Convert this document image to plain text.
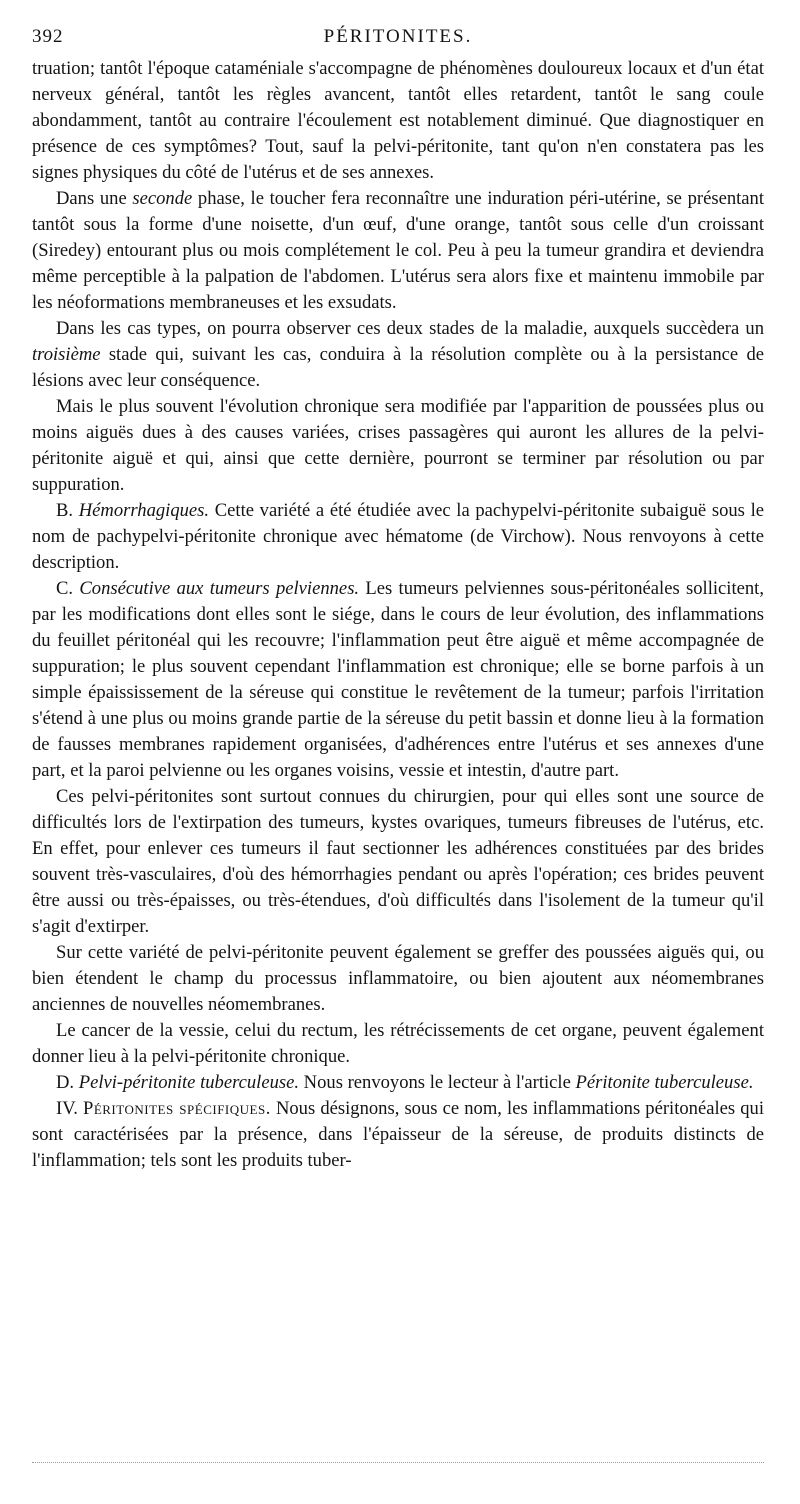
392	PÉRITONITES.

truation; tantôt l'époque cataméniale s'accompagne de phénomènes douloureux locaux et d'un état nerveux général, tantôt les règles avancent, tantôt elles retardent, tantôt le sang coule abondamment, tantôt au contraire l'écoulement est notablement diminué. Que diagnostiquer en présence de ces symptômes? Tout, sauf la pelvi-péritonite, tant qu'on n'en constatera pas les signes physiques du côté de l'utérus et de ses annexes.

Dans une seconde phase, le toucher fera reconnaître une induration péri-utérine, se présentant tantôt sous la forme d'une noisette, d'un œuf, d'une orange, tantôt sous celle d'un croissant (Siredey) entourant plus ou mois complétement le col. Peu à peu la tumeur grandira et deviendra même perceptible à la palpation de l'abdomen. L'utérus sera alors fixe et maintenu immobile par les néoformations membraneuses et les exsudats.

Dans les cas types, on pourra observer ces deux stades de la maladie, auxquels succèdera un troisième stade qui, suivant les cas, conduira à la résolution complète ou à la persistance de lésions avec leur conséquence.

Mais le plus souvent l'évolution chronique sera modifiée par l'apparition de poussées plus ou moins aiguës dues à des causes variées, crises passagères qui auront les allures de la pelvi-péritonite aiguë et qui, ainsi que cette dernière, pourront se terminer par résolution ou par suppuration.

B. Hémorrhagiques. Cette variété a été étudiée avec la pachypelvi-péritonite subaiguë sous le nom de pachypelvi-péritonite chronique avec hématome (de Virchow). Nous renvoyons à cette description.

C. Consécutive aux tumeurs pelviennes. Les tumeurs pelviennes sous-péritonéales sollicitent, par les modifications dont elles sont le siége, dans le cours de leur évolution, des inflammations du feuillet péritonéal qui les recouvre; l'inflammation peut être aiguë et même accompagnée de suppuration; le plus souvent cependant l'inflammation est chronique; elle se borne parfois à un simple épaississement de la séreuse qui constitue le revêtement de la tumeur; parfois l'irritation s'étend à une plus ou moins grande partie de la séreuse du petit bassin et donne lieu à la formation de fausses membranes rapidement organisées, d'adhérences entre l'utérus et ses annexes d'une part, et la paroi pelvienne ou les organes voisins, vessie et intestin, d'autre part.

Ces pelvi-péritonites sont surtout connues du chirurgien, pour qui elles sont une source de difficultés lors de l'extirpation des tumeurs, kystes ovariques, tumeurs fibreuses de l'utérus, etc. En effet, pour enlever ces tumeurs il faut sectionner les adhérences constituées par des brides souvent très-vasculaires, d'où des hémorrhagies pendant ou après l'opération; ces brides peuvent être aussi ou très-épaisses, ou très-étendues, d'où difficultés dans l'isolement de la tumeur qu'il s'agit d'extirper.

Sur cette variété de pelvi-péritonite peuvent également se greffer des poussées aiguës qui, ou bien étendent le champ du processus inflammatoire, ou bien ajoutent aux néomembranes anciennes de nouvelles néomembranes.

Le cancer de la vessie, celui du rectum, les rétrécissements de cet organe, peuvent également donner lieu à la pelvi-péritonite chronique.

D. Pelvi-péritonite tuberculeuse. Nous renvoyons le lecteur à l'article Péritonite tuberculeuse.

IV. Péritonites spécifiques. Nous désignons, sous ce nom, les inflammations péritonéales qui sont caractérisées par la présence, dans l'épaisseur de la séreuse, de produits distincts de l'inflammation; tels sont les produits tuber-
